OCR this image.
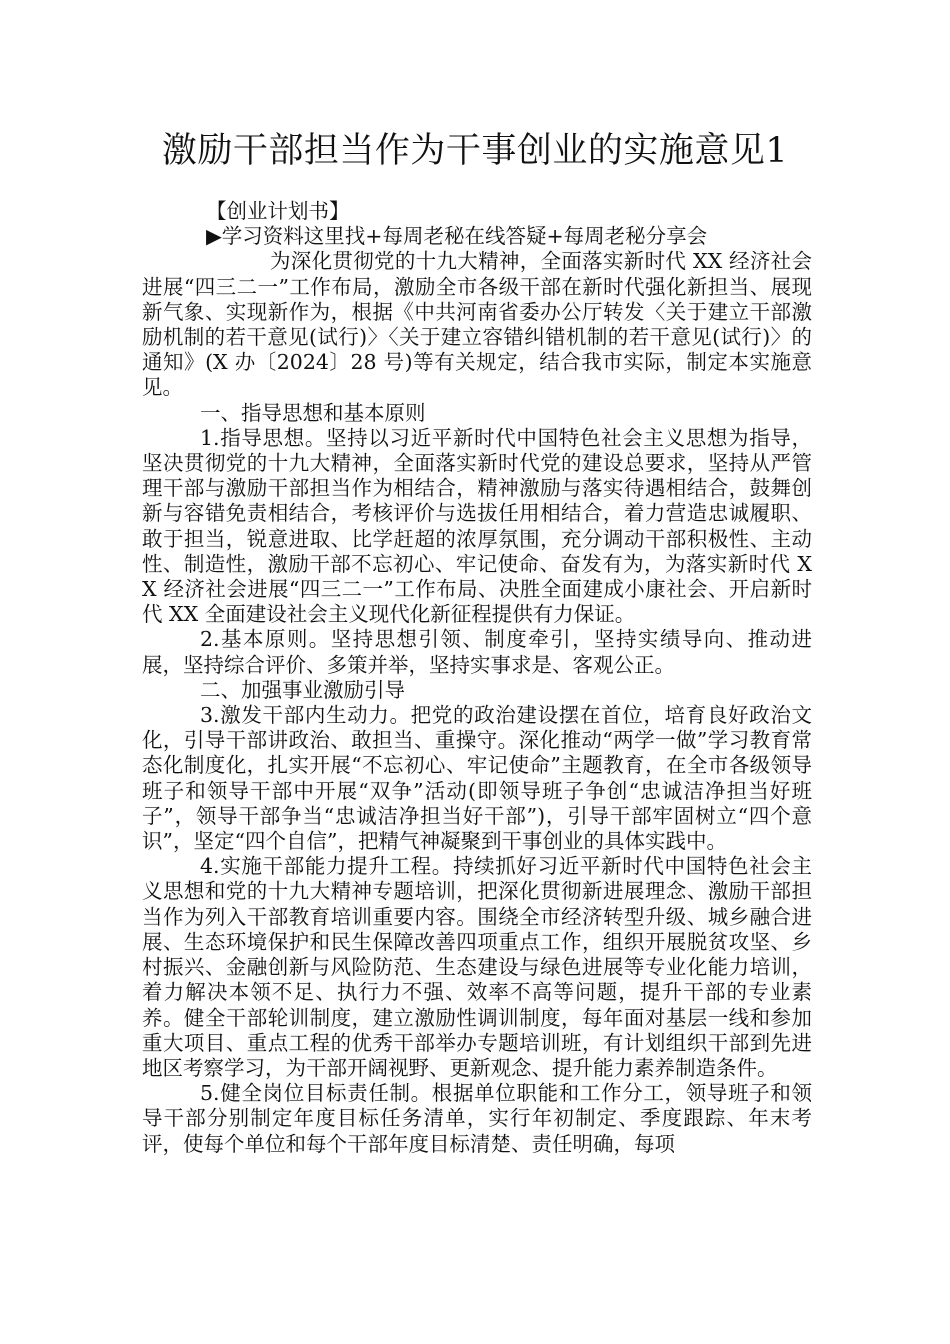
激励干部担当作为干事创业的实施意见1

【创业计划书】

▶学习资料这里找+每周老秘在线答疑+每周老秘分享会

为深化贯彻党的十九大精神，全面落实新时代 XX 经济社会进展“四三二一”工作布局，激励全市各级干部在新时代强化新担当、展现新气象、实现新作为，根据《中共河南省委办公厅转发〈关于建立干部激励机制的若干意见(试行)〉〈关于建立容错纠错机制的若干意见(试行)〉的通知》(X 办〔2024〕28 号)等有关规定，结合我市实际，制定本实施意见。

一、指导思想和基本原则

1.指导思想。坚持以习近平新时代中国特色社会主义思想为指导，坚决贯彻党的十九大精神，全面落实新时代党的建设总要求，坚持从严管理干部与激励干部担当作为相结合，精神激励与落实待遇相结合，鼓舞创新与容错免责相结合，考核评价与选拔任用相结合，着力营造忠诚履职、敢于担当，锐意进取、比学赶超的浓厚氛围，充分调动干部积极性、主动性、制造性，激励干部不忘初心、牢记使命、奋发有为，为落实新时代 XX 经济社会进展“四三二一”工作布局、决胜全面建成小康社会、开启新时代 XX 全面建设社会主义现代化新征程提供有力保证。

2.基本原则。坚持思想引领、制度牵引，坚持实绩导向、推动进展，坚持综合评价、多策并举，坚持实事求是、客观公正。

二、加强事业激励引导

3.激发干部内生动力。把党的政治建设摆在首位，培育良好政治文化，引导干部讲政治、敢担当、重操守。深化推动“两学一做”学习教育常态化制度化，扎实开展“不忘初心、牢记使命”主题教育，在全市各级领导班子和领导干部中开展“双争”活动(即领导班子争创“忠诚洁净担当好班子”，领导干部争当“忠诚洁净担当好干部”)，引导干部牢固树立“四个意识”，坚定“四个自信”，把精气神凝聚到干事创业的具体实践中。

4.实施干部能力提升工程。持续抓好习近平新时代中国特色社会主义思想和党的十九大精神专题培训，把深化贯彻新进展理念、激励干部担当作为列入干部教育培训重要内容。围绕全市经济转型升级、城乡融合进展、生态环境保护和民生保障改善四项重点工作，组织开展脱贫攻坚、乡村振兴、金融创新与风险防范、生态建设与绿色进展等专业化能力培训，着力解决本领不足、执行力不强、效率不高等问题，提升干部的专业素养。健全干部轮训制度，建立激励性调训制度，每年面对基层一线和参加重大项目、重点工程的优秀干部举办专题培训班，有计划组织干部到先进地区考察学习，为干部开阔视野、更新观念、提升能力素养制造条件。

5.健全岗位目标责任制。根据单位职能和工作分工，领导班子和领导干部分别制定年度目标任务清单，实行年初制定、季度跟踪、年末考评，使每个单位和每个干部年度目标清楚、责任明确，每项
